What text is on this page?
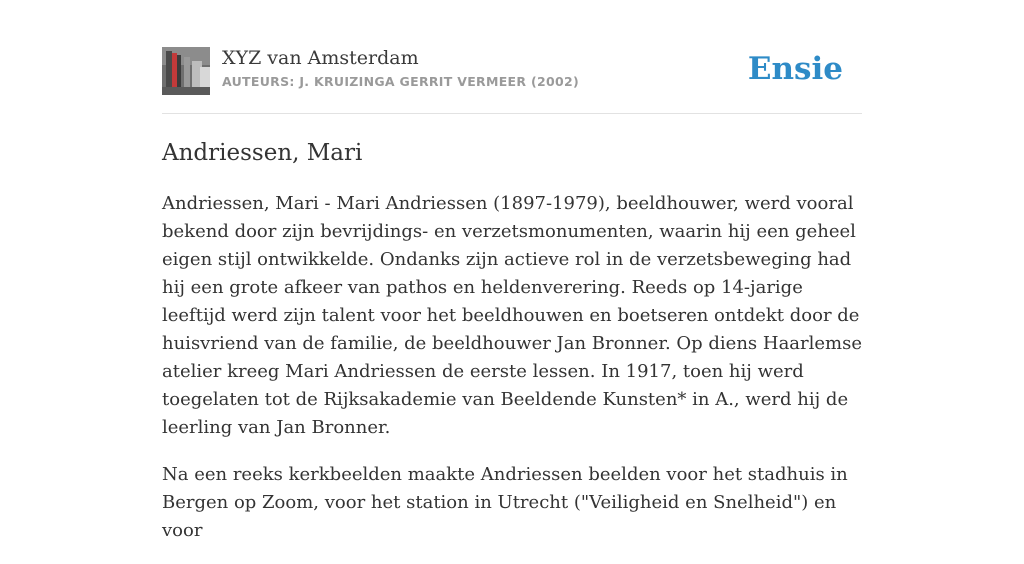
XYZ van Amsterdam
AUTEURS: J. KRUIZINGA GERRIT VERMEER (2002)	Ensie
Andriessen, Mari

Andriessen, Mari - Mari Andriessen (1897-1979), beeldhouwer, werd vooral bekend door zijn bevrijdings- en verzetsmonumenten, waarin hij een geheel eigen stijl ontwikkelde. Ondanks zijn actieve rol in de verzetsbeweging had hij een grote afkeer van pathos en heldenverering. Reeds op 14-jarige leeftijd werd zijn talent voor het beeldhouwen en boetseren ontdekt door de huisvriend van de familie, de beeldhouwer Jan Bronner. Op diens Haarlemse atelier kreeg Mari Andriessen de eerste lessen. In 1917, toen hij werd toegelaten tot de Rijksakademie van Beeldende Kunsten* in A., werd hij de leerling van Jan Bronner.

Na een reeks kerkbeelden maakte Andriessen beelden voor het stadhuis in Bergen op Zoom, voor het station in Utrecht ("Veiligheid en Snelheid") en voor
